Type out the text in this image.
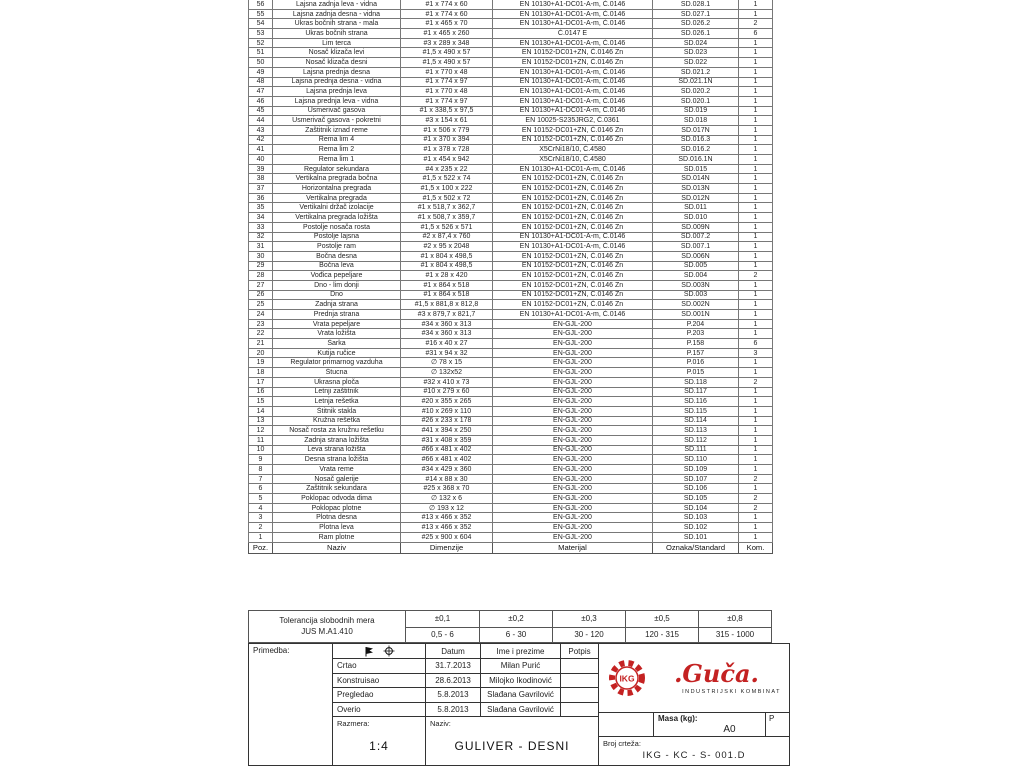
56	Lajsna zadnja leva - vidna	#1 x 774 x 60	EN 10130+A1-DC01-A-m, Č.0146	SD.028.1	1
55	Lajsna zadnja desna - vidna	#1 x 774 x 60	EN 10130+A1-DC01-A-m, Č.0146	SD.027.1	1
54	Ukras bočnih strana - mala	#1 x 465 x 70	EN 10130+A1-DC01-A-m, Č.0146	SD.026.2	2
53	Ukras bočnih strana	#1 x 465 x 260	Č.0147 E	SD.026.1	6
52	Lim terca	#3 x 289 x 348	EN 10130+A1-DC01-A-m, Č.0146	SD.024	1
51	Nosač klizača levi	#1,5 x 490 x 57	EN 10152-DC01+ZN, Č.0146 Zn	SD.023	1
50	Nosač klizača desni	#1,5 x 490 x 57	EN 10152-DC01+ZN, Č.0146 Zn	SD.022	1
49	Lajsna prednja desna	#1 x 770 x 48	EN 10130+A1-DC01-A-m, Č.0146	SD.021.2	1
48	Lajsna prednja desna - vidna	#1 x 774 x 97	EN 10130+A1-DC01-A-m, Č.0146	SD.021.1N	1
47	Lajsna prednja leva	#1 x 770 x 48	EN 10130+A1-DC01-A-m, Č.0146	SD.020.2	1
46	Lajsna prednja leva - vidna	#1 x 774 x 97	EN 10130+A1-DC01-A-m, Č.0146	SD.020.1	1
45	Usmerivač gasova	#1 x 338,5 x 97,5	EN 10130+A1-DC01-A-m, Č.0146	SD.019	1
44	Usmerivač gasova - pokretni	#3 x 154 x 61	EN 10025-S235JRG2, Č.0361	SD.018	1
43	Zaštitnik iznad reme	#1 x 506 x 779	EN 10152-DC01+ZN, Č.0146 Zn	SD.017N	1
42	Rema lim 4	#1 x 370 x 394	EN 10152-DC01+ZN, Č.0146 Zn	SD.016.3	1
41	Rema lim 2	#1 x 378 x 728	X5CrNi18/10, Č.4580	SD.016.2	1
40	Rema lim 1	#1 x 454 x 942	X5CrNi18/10, Č.4580	SD.016.1N	1
39	Regulator sekundara	#4 x 235 x 22	EN 10130+A1-DC01-A-m, Č.0146	SD.015	1
38	Vertikalna pregrada bočna	#1,5 x 522 x 74	EN 10152-DC01+ZN, Č.0146 Zn	SD.014N	1
37	Horizontalna pregrada	#1,5 x 100 x 222	EN 10152-DC01+ZN, Č.0146 Zn	SD.013N	1
36	Vertikalna pregrada	#1,5 x 502 x 72	EN 10152-DC01+ZN, Č.0146 Zn	SD.012N	1
35	Vertikalni držač izolacije	#1 x 518,7 x 362,7	EN 10152-DC01+ZN, Č.0146 Zn	SD.011	1
34	Vertikalna pregrada ložišta	#1 x 508,7 x 359,7	EN 10152-DC01+ZN, Č.0146 Zn	SD.010	1
33	Postolje nosača rosta	#1,5 x 526 x 571	EN 10152-DC01+ZN, Č.0146 Zn	SD.009N	1
32	Postolje lajsna	#2 x 87,4 x 760	EN 10130+A1-DC01-A-m, Č.0146	SD.007.2	1
31	Postolje ram	#2 x 95 x 2048	EN 10130+A1-DC01-A-m, Č.0146	SD.007.1	1
30	Bočna desna	#1 x 804 x 498,5	EN 10152-DC01+ZN, Č.0146 Zn	SD.006N	1
29	Bočna leva	#1 x 804 x 498,5	EN 10152-DC01+ZN, Č.0146 Zn	SD.005	1
28	Vođica pepeljare	#1 x 28 x 420	EN 10152-DC01+ZN, Č.0146 Zn	SD.004	2
27	Dno - lim donji	#1 x 864 x 518	EN 10152-DC01+ZN, Č.0146 Zn	SD.003N	1
26	Dno	#1 x 864 x 518	EN 10152-DC01+ZN, Č.0146 Zn	SD.003	1
25	Zadnja strana	#1,5 x 881,8 x 812,8	EN 10152-DC01+ZN, Č.0146 Zn	SD.002N	1
24	Prednja strana	#3 x 879,7 x 821,7	EN 10130+A1-DC01-A-m, Č.0146	SD.001N	1
23	Vrata pepeljare	#34 x 360 x 313	EN-GJL-200	P.204	1
22	Vrata ložišta	#34 x 360 x 313	EN-GJL-200	P.203	1
21	Šarka	#16 x 40 x 27	EN-GJL-200	P.158	6
20	Kutija ručice	#31 x 94 x 32	EN-GJL-200	P.157	3
19	Regulator primarnog vazduha	∅ 78 x 15	EN-GJL-200	P.016	1
18	Štucna	∅ 132x52	EN-GJL-200	P.015	1
17	Ukrasna ploča	#32 x 410 x 73	EN-GJL-200	SD.118	2
16	Letnji zaštitnik	#10 x 279 x 60	EN-GJL-200	SD.117	1
15	Letnja rešetka	#20 x 355 x 265	EN-GJL-200	SD.116	1
14	Štitnik stakla	#10 x 269 x 110	EN-GJL-200	SD.115	1
13	Kružna rešetka	#26 x 233 x 178	EN-GJL-200	SD.114	1
12	Nosač rosta za kružnu rešetku	#41 x 394 x 250	EN-GJL-200	SD.113	1
11	Zadnja strana ložišta	#31 x 408 x 359	EN-GJL-200	SD.112	1
10	Leva strana ložišta	#66 x 481 x 402	EN-GJL-200	SD.111	1
9	Desna strana ložišta	#66 x 481 x 402	EN-GJL-200	SD.110	1
8	Vrata reme	#34 x 429 x 360	EN-GJL-200	SD.109	1
7	Nosač galerije	#14 x 88 x 30	EN-GJL-200	SD.107	2
6	Zaštitnik sekundara	#25 x 368 x 70	EN-GJL-200	SD.106	1
5	Poklopac odvoda dima	∅ 132 x 6	EN-GJL-200	SD.105	2
4	Poklopac plotne	∅ 193 x 12	EN-GJL-200	SD.104	2
3	Plotna desna	#13 x 466 x 352	EN-GJL-200	SD.103	1
2	Plotna leva	#13 x 466 x 352	EN-GJL-200	SD.102	1
1	Ram plotne	#25 x 900 x 604	EN-GJL-200	SD.101	1
Poz.	Naziv	Dimenzije	Materijal	Oznaka/Standard	Kom.
Tolerancija slobodnih mera
JUS M.A1.410
±0,1	±0,2	±0,3	±0,5	±0,8
0,5 - 6	6 - 30	30 - 120	120 - 315	315 - 1000
Primedba:	Datum	Ime i prezime	Potpis
Crtao	31.7.2013	Milan Purić
Konstruisao	28.6.2013	Milojko Ikodinović
Pregledao	5.8.2013	Slađana Gavrilović
Overio	5.8.2013	Slađana Gavrilović
Razmera:
1:4
Naziv:
GULIVER - DESNI
IKG .Guča.
INDUSTRIJSKI KOMBINAT
Masa (kg):
A0
P
Broj crteža:
IKG - KC - S- 001.D
